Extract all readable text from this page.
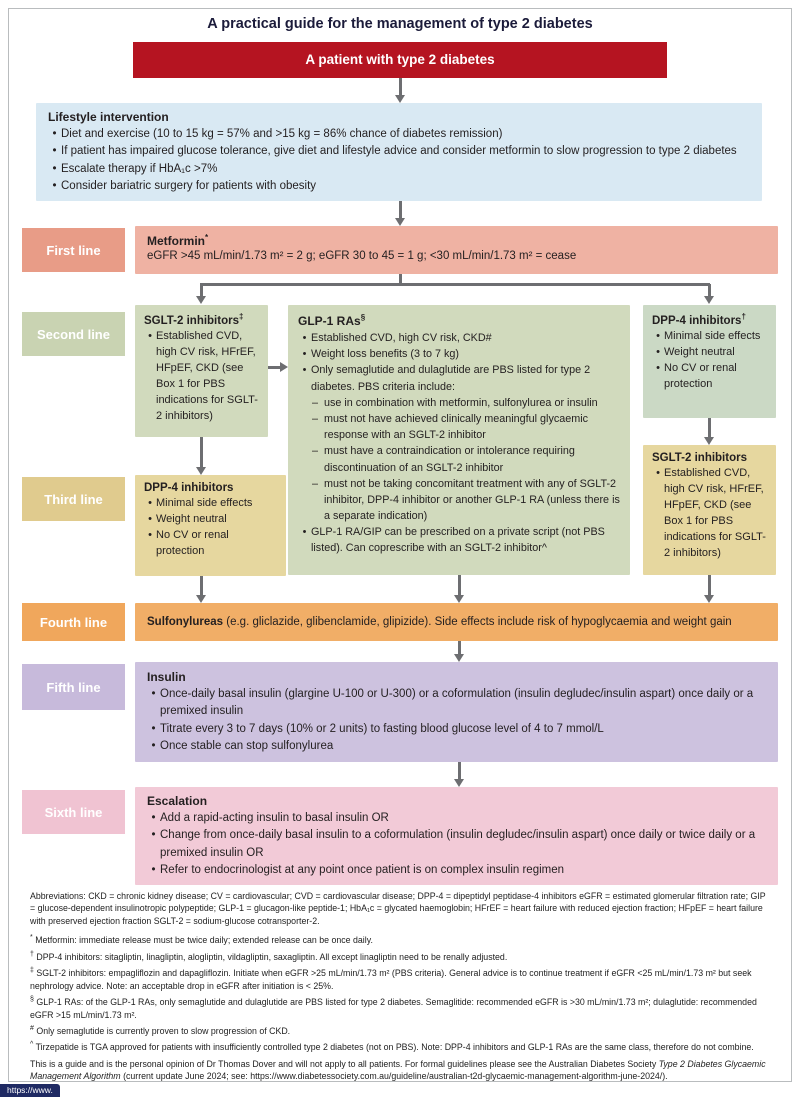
A practical guide for the management of type 2 diabetes
A patient with type 2 diabetes
Lifestyle intervention
•
Diet and exercise (10 to 15 kg = 57% and >15 kg = 86% chance of diabetes remission)
•
If patient has impaired glucose tolerance, give diet and lifestyle advice and consider metformin to slow progression to type 2 diabetes
•
Escalate therapy if HbA₁c >7%
•
Consider bariatric surgery for patients with obesity
First line
Metformin*
eGFR >45 mL/min/1.73 m² = 2 g; eGFR 30 to 45 = 1 g; <30 mL/min/1.73 m² = cease
Second line
SGLT-2 inhibitors‡
•
Established CVD, high CV risk, HFrEF, HFpEF, CKD (see Box 1 for PBS indications for SGLT-2 inhibitors)
GLP-1 RAs§
•
Established CVD, high CV risk, CKD#
•
Weight loss benefits (3 to 7 kg)
•
Only semaglutide and dulaglutide are PBS listed for type 2 diabetes. PBS criteria include:
–
use in combination with metformin, sulfonylurea or insulin
–
must not have achieved clinically meaningful glycaemic response with an SGLT-2 inhibitor
–
must have a contraindication or intolerance requiring discontinuation of an SGLT-2 inhibitor
–
must not be taking concomitant treatment with any of SGLT-2 inhibitor, DPP-4 inhibitor or another GLP-1 RA (unless there is a separate indication)
•
GLP-1 RA/GIP can be prescribed on a private script (not PBS listed). Can coprescribe with an SGLT-2 inhibitor^
DPP-4 inhibitors†
•
Minimal side effects
•
Weight neutral
•
No CV or renal protection
SGLT-2 inhibitors
•
Established CVD, high CV risk, HFrEF, HFpEF, CKD (see Box 1 for PBS indications for SGLT-2 inhibitors)
Third line
DPP-4 inhibitors
•
Minimal side effects
•
Weight neutral
•
No CV or renal protection
Fourth line	Sulfonylureas (e.g. gliclazide, glibenclamide, glipizide). Side effects include risk of hypoglycaemia and weight gain
Fifth line
Insulin
•
Once-daily basal insulin (glargine U-100 or U-300) or a coformulation (insulin degludec/insulin aspart) once daily or a premixed insulin
•
Titrate every 3 to 7 days (10% or 2 units) to fasting blood glucose level of 4 to 7 mmol/L
•
Once stable can stop sulfonylurea
Sixth line
Escalation
•
Add a rapid-acting insulin to basal insulin OR
•
Change from once-daily basal insulin to a coformulation (insulin degludec/insulin aspart) once daily or twice daily or a premixed insulin OR
•
Refer to endocrinologist at any point once patient is on complex insulin regimen
Abbreviations: CKD = chronic kidney disease; CV = cardiovascular; CVD = cardiovascular disease; DPP-4 = dipeptidyl peptidase-4 inhibitors eGFR = estimated glomerular filtration rate; GIP = glucose-dependent insulinotropic polypeptide; GLP-1 = glucagon-like peptide-1; HbA₁c = glycated haemoglobin; HFrEF = heart failure with reduced ejection fraction; HFpEF = heart failure with preserved ejection fraction SGLT-2 = sodium-glucose cotransporter-2.
* Metformin: immediate release must be twice daily; extended release can be once daily.
† DPP-4 inhibitors: sitagliptin, linagliptin, alogliptin, vildagliptin, saxagliptin. All except linagliptin need to be renally adjusted.
‡ SGLT-2 inhibitors: empagliflozin and dapagliflozin. Initiate when eGFR >25 mL/min/1.73 m² (PBS criteria). General advice is to continue treatment if eGFR <25 mL/min/1.73 m² but seek nephrology advice. Note: an acceptable drop in eGFR after initiation is < 25%.
§ GLP-1 RAs: of the GLP-1 RAs, only semaglutide and dulaglutide are PBS listed for type 2 diabetes. Semaglitide: recommended eGFR is >30 mL/min/1.73 m²; dulaglutide: recommended eGFR >15 mL/min/1.73 m².
# Only semaglutide is currently proven to slow progression of CKD.
^ Tirzepatide is TGA approved for patients with insufficiently controlled type 2 diabetes (not on PBS). Note: DPP-4 inhibitors and GLP-1 RAs are the same class, therefore do not combine.
This is a guide and is the personal opinion of Dr Thomas Dover and will not apply to all patients. For formal guidelines please see the Australian Diabetes Society Type 2 Diabetes Glycaemic Management Algorithm (current update June 2024; see: https://www.diabetessociety.com.au/guideline/australian-t2d-glycaemic-management-algorithm-june-2024/).
https://www.
